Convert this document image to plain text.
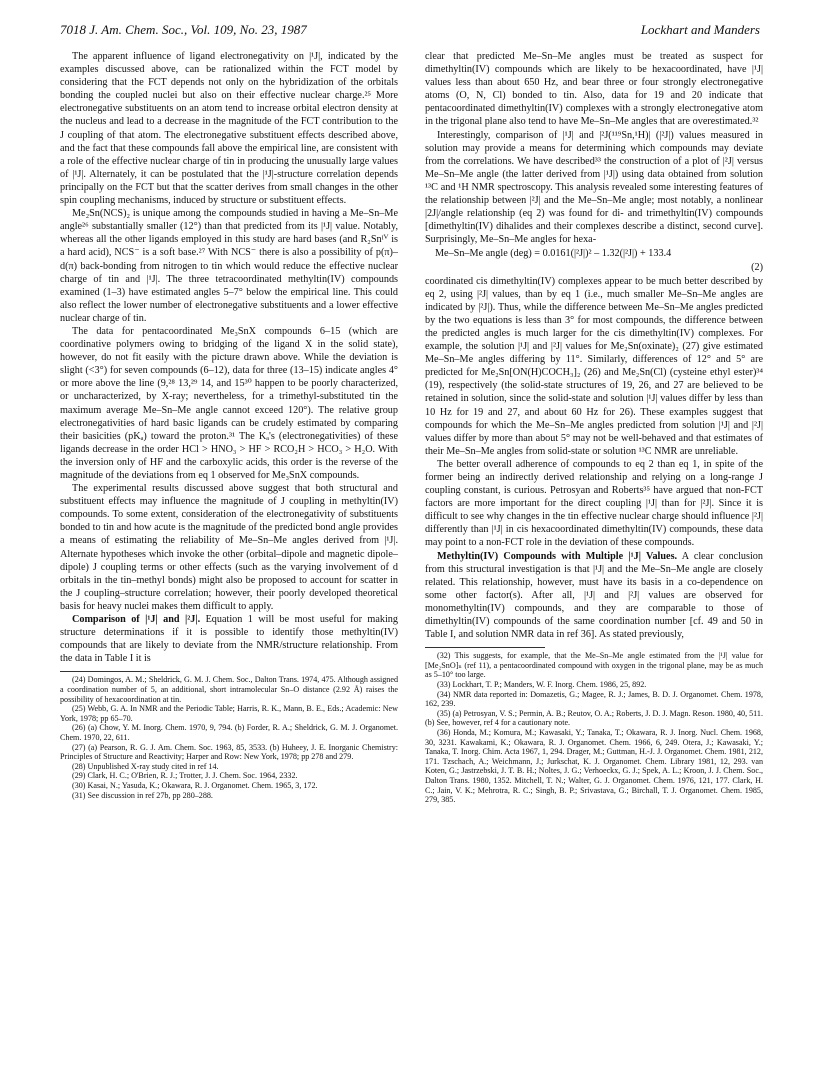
7018 J. Am. Chem. Soc., Vol. 109, No. 23, 1987	Lockhart and Manders

The apparent influence of ligand electronegativity on |¹J|, indicated by the examples discussed above, can be rationalized within the FCT model by considering that the FCT depends not only on the hybridization of the orbitals bonding the coupled nuclei but also on their effective nuclear charge.²⁵ More electronegative substituents on an atom tend to increase orbital electron density at the nucleus and lead to a decrease in the magnitude of the FCT contribution to the J coupling of that atom. The electronegative substituent effects described above, and the fact that these compounds fall above the empirical line, are consistent with a role of the effective nuclear charge of tin in producing the unusually large values of |¹J|. Alternately, it can be postulated that the |¹J|-structure correlation depends principally on the FCT but that the scatter derives from small changes in the other spin coupling mechanisms, induced by structure or substituent effects.

Me₂Sn(NCS)₂ is unique among the compounds studied in having a Me–Sn–Me angle²⁶ substantially smaller (12°) than that predicted from its |¹J| value. Notably, whereas all the other ligands employed in this study are hard bases (and R₂Snᴵⱽ is a hard acid), NCS⁻ is a soft base.²⁷ With NCS⁻ there is also a possibility of p(π)–d(π) back-bonding from nitrogen to tin which would reduce the effective nuclear charge of tin and |¹J|. The three tetracoordinated methyltin(IV) compounds examined (1–3) have estimated angles 5–7° below the empirical line. This could also reflect the lower number of electronegative substituents and a lower effective nuclear charge of tin.

The data for pentacoordinated Me₃SnX compounds 6–15 (which are coordinative polymers owing to bridging of the ligand X in the solid state), however, do not fit easily with the picture drawn above. While the deviation is slight (<3°) for seven compounds (6–12), data for three (13–15) indicate angles 4° or more above the line (9,²⁸ 13,²⁹ 14, and 15³⁰ happen to be poorly characterized, or uncharacterized, by X-ray; nevertheless, for a trimethyl-substituted tin the maximum average Me–Sn–Me angle cannot exceed 120°). The relative group electronegativities of hard basic ligands can be crudely estimated by comparing their basicities (pKₐ) toward the proton.³¹ The Kₐ's (electronegativities) of these ligands decrease in the order HCl > HNO₃ > HF > RCO₂H > HCO₃ > H₂O. With the inversion only of HF and the carboxylic acids, this order is the reverse of the magnitude of the deviations from eq 1 observed for Me₃SnX compounds.

The experimental results discussed above suggest that both structural and substituent effects may influence the magnitude of J coupling in methyltin(IV) compounds. To some extent, consideration of the electronegativity of substituents bonded to tin and how acute is the magnitude of the predicted bond angle provides a means of estimating the reliability of Me–Sn–Me angles derived from |¹J|. Alternate hypotheses which invoke the other (orbital–dipole and magnetic dipole–dipole) J coupling terms or other effects (such as the varying involvement of d orbitals in the tin–methyl bonds) might also be proposed to account for scatter in the J coupling–structure correlation; however, their poorly developed theoretical basis for heavy nuclei makes them difficult to apply.

Comparison of |¹J| and |²J|. Equation 1 will be most useful for making structure determinations if it is possible to identify those methyltin(IV) compounds that are likely to deviate from the NMR/structure relationship. From the data in Table I it is

(24) Domingos, A. M.; Sheldrick, G. M. J. Chem. Soc., Dalton Trans. 1974, 475. Although assigned a coordination number of 5, an additional, short intramolecular Sn–O distance (2.92 Å) raises the possibility of hexacoordination at tin.

(25) Webb, G. A. In NMR and the Periodic Table; Harris, R. K., Mann, B. E., Eds.; Academic: New York, 1978; pp 65–70.

(26) (a) Chow, Y. M. Inorg. Chem. 1970, 9, 794. (b) Forder, R. A.; Sheldrick, G. M. J. Organomet. Chem. 1970, 22, 611.

(27) (a) Pearson, R. G. J. Am. Chem. Soc. 1963, 85, 3533. (b) Huheey, J. E. Inorganic Chemistry: Principles of Structure and Reactivity; Harper and Row: New York, 1978; pp 278 and 279.

(28) Unpublished X-ray study cited in ref 14.

(29) Clark, H. C.; O'Brien, R. J.; Trotter, J. J. Chem. Soc. 1964, 2332.

(30) Kasai, N.; Yasuda, K.; Okawara, R. J. Organomet. Chem. 1965, 3, 172.

(31) See discussion in ref 27b, pp 280–288.

clear that predicted Me–Sn–Me angles must be treated as suspect for dimethyltin(IV) compounds which are likely to be hexacoordinated, have |¹J| values less than about 650 Hz, and bear three or four strongly electronegative atoms (O, N, Cl) bonded to tin. Also, data for 19 and 20 indicate that pentacoordinated dimethyltin(IV) complexes with a strongly electronegative atom in the trigonal plane also tend to have Me–Sn–Me angles that are overestimated.³²

Interestingly, comparison of |¹J| and |²J(¹¹⁹Sn,¹H)| (|²J|) values measured in solution may provide a means for determining which compounds may deviate from the correlations. We have described³³ the construction of a plot of |²J| versus Me–Sn–Me angle (the latter derived from |¹J|) using data obtained from solution ¹³C and ¹H NMR spectroscopy. This analysis revealed some interesting features of the relationship between |²J| and the Me–Sn–Me angle; most notably, a nonlinear |2J|/angle relationship (eq 2) was found for di- and trimethyltin(IV) compounds [dimethyltin(IV) dihalides and their complexes describe a distinct, second curve]. Surprisingly, Me–Sn–Me angles for hexa-

Me–Sn–Me angle (deg) = 0.0161(|²J|)² – 1.32(|²J|) + 133.4
(2)

coordinated cis dimethyltin(IV) complexes appear to be much better described by eq 2, using |²J| values, than by eq 1 (i.e., much smaller Me–Sn–Me angles are indicated by |²J|). Thus, while the difference between Me–Sn–Me angles predicted by the two equations is less than 3° for most compounds, the difference between the predicted angles is much larger for the cis dimethyltin(IV) complexes. For example, the solution |¹J| and |²J| values for Me₂Sn(oxinate)₂ (27) give estimated Me–Sn–Me angles differing by 11°. Similarly, differences of 12° and 5° are predicted for Me₂Sn[ON(H)COCH₃]₂ (26) and Me₂Sn(Cl) (cysteine ethyl ester)³⁴ (19), respectively (the solid-state structures of 19, 26, and 27 are believed to be retained in solution, since the solid-state and solution |¹J| values differ by less than 10 Hz for 19 and 27, and about 60 Hz for 26). These examples suggest that compounds for which the Me–Sn–Me angles predicted from solution |¹J| and |²J| values differ by more than about 5° may not be well-behaved and that estimates of their Me–Sn–Me angles from solid-state or solution ¹³C NMR are unreliable.

The better overall adherence of compounds to eq 2 than eq 1, in spite of the former being an indirectly derived relationship and relying on a long-range J coupling constant, is curious. Petrosyan and Roberts³⁵ have argued that non-FCT factors are more important for the direct coupling |¹J| than for |²J|. Since it is difficult to see why changes in the tin effective nuclear charge should influence |²J| differently than |¹J| in cis hexacoordinated dimethyltin(IV) compounds, these data may point to a non-FCT role in the deviation of these compounds.

Methyltin(IV) Compounds with Multiple |¹J| Values. A clear conclusion from this structural investigation is that |¹J| and the Me–Sn–Me angle are closely related. This relationship, however, must have its basis in a co-dependence on some other factor(s). After all, |¹J| and |²J| values are observed for monomethyltin(IV) compounds, and they are comparable to those of dimethyltin(IV) compounds of the same coordination number [cf. 49 and 50 in Table I, and solution NMR data in ref 36]. As stated previously,

(32) This suggests, for example, that the Me–Sn–Me angle estimated from the |¹J| value for [Me₂SnO]ₙ (ref 11), a pentacoordinated compound with oxygen in the trigonal plane, may be as much as 5–10° too large.

(33) Lockhart, T. P.; Manders, W. F. Inorg. Chem. 1986, 25, 892.

(34) NMR data reported in: Domazetis, G.; Magee, R. J.; James, B. D. J. Organomet. Chem. 1978, 162, 239.

(35) (a) Petrosyan, V. S.; Permin, A. B.; Reutov, O. A.; Roberts, J. D. J. Magn. Reson. 1980, 40, 511. (b) See, however, ref 4 for a cautionary note.

(36) Honda, M.; Komura, M.; Kawasaki, Y.; Tanaka, T.; Okawara, R. J. Inorg. Nucl. Chem. 1968, 30, 3231. Kawakami, K.; Okawara, R. J. Organomet. Chem. 1966, 6, 249. Otera, J.; Kawasaki, Y.; Tanaka, T. Inorg. Chim. Acta 1967, 1, 294. Drager, M.; Guttman, H.-J. J. Organomet. Chem. 1981, 212, 171. Tzschach, A.; Weichmann, J.; Jurkschat, K. J. Organomet. Chem. Library 1981, 12, 293. van Koten, G.; Jastrzebski, J. T. B. H.; Noltes, J. G.; Verhoeckx, G. J.; Spek, A. L.; Kroon, J. J. Chem. Soc., Dalton Trans. 1980, 1352. Mitchell, T. N.; Walter, G. J. Organomet. Chem. 1976, 121, 177. Clark, H. C.; Jain, V. K.; Mehrotra, R. C.; Singh, B. P.; Srivastava, G.; Birchall, T. J. Organomet. Chem. 1985, 279, 385.
